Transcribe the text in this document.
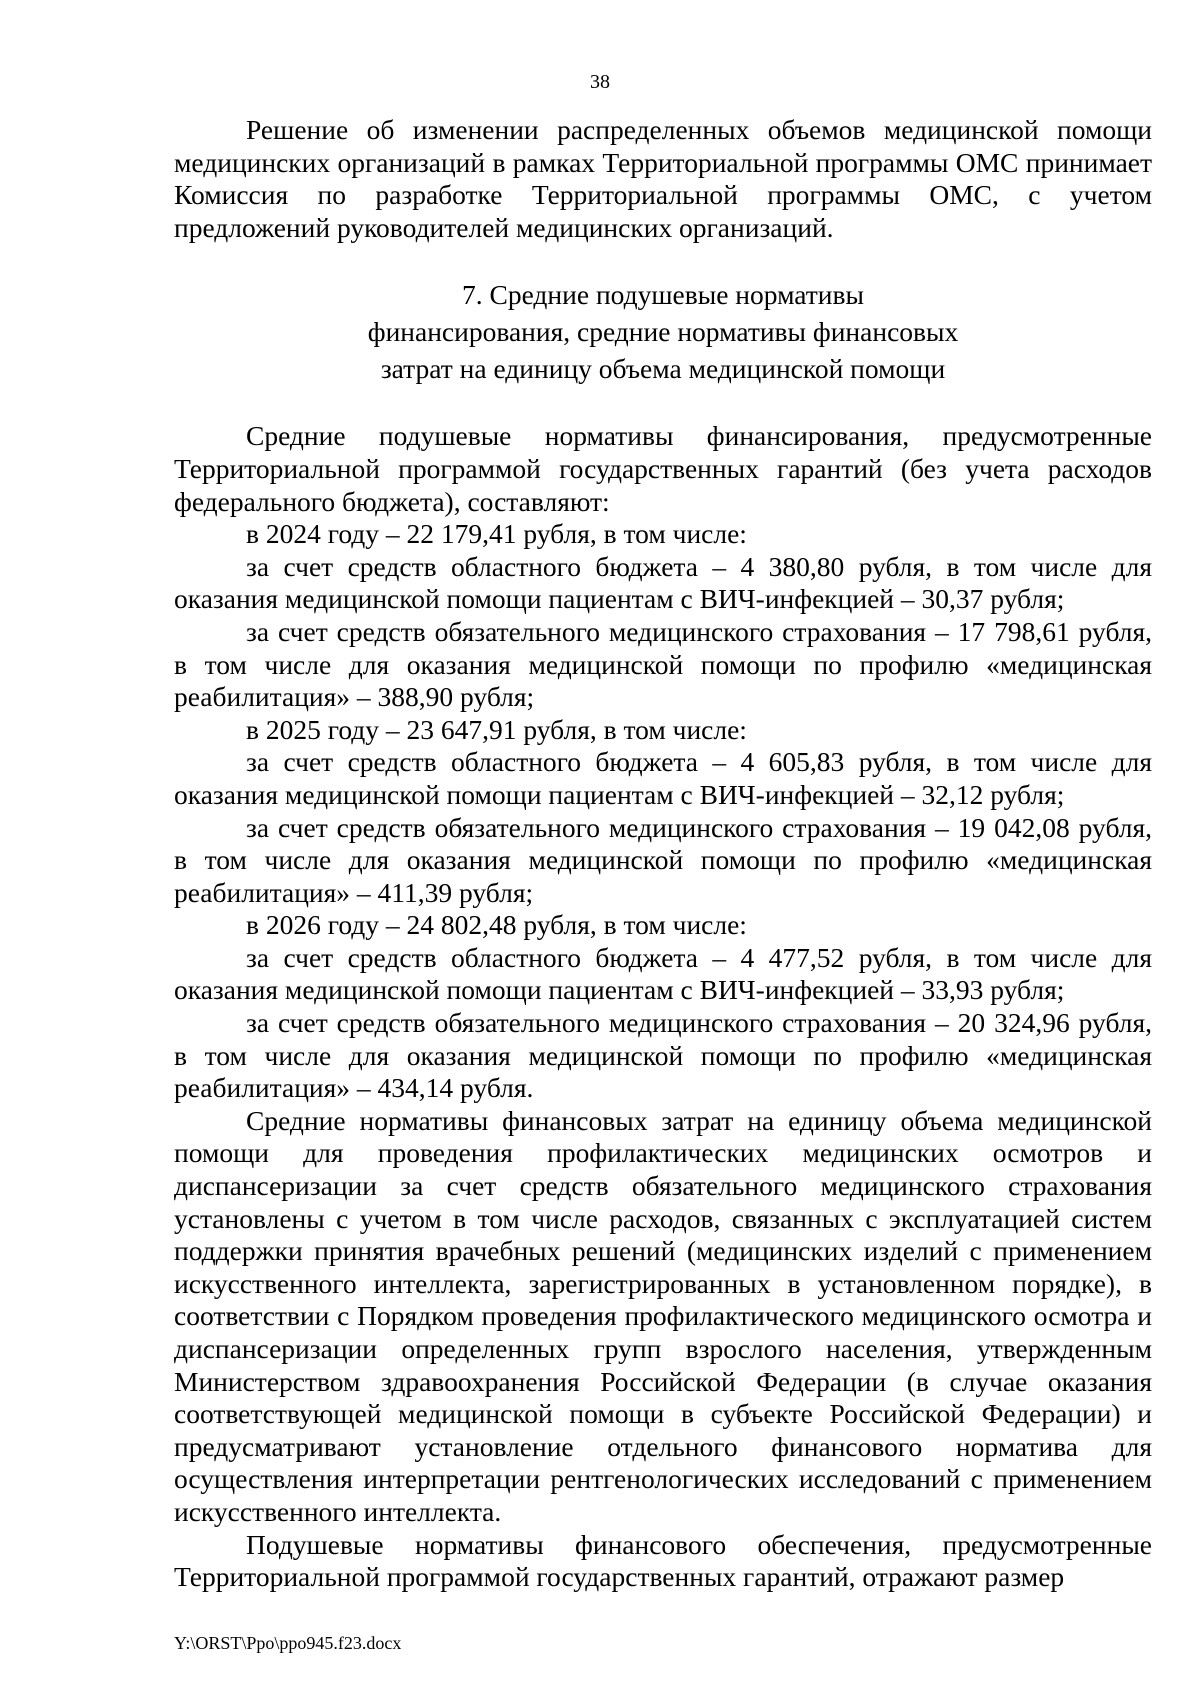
38

Решение об изменении распределенных объемов медицинской помощи медицинских организаций в рамках Территориальной программы ОМС принимает Комиссия по разработке Территориальной программы ОМС, с учетом предложений руководителей медицинских организаций.

7. Средние подушевые нормативы
финансирования, средние нормативы финансовых
затрат на единицу объема медицинской помощи

Средние подушевые нормативы финансирования, предусмотренные Территориальной программой государственных гарантий (без учета расходов федерального бюджета), составляют:

в 2024 году – 22 179,41 рубля, в том числе:

за счет средств областного бюджета – 4 380,80 рубля, в том числе для оказания медицинской помощи пациентам с ВИЧ-инфекцией – 30,37 рубля;

за счет средств обязательного медицинского страхования – 17 798,61 рубля, в том числе для оказания медицинской помощи по профилю «медицинская реабилитация» – 388,90 рубля;

в 2025 году – 23 647,91 рубля, в том числе:

за счет средств областного бюджета – 4 605,83 рубля, в том числе для оказания медицинской помощи пациентам с ВИЧ-инфекцией – 32,12 рубля;

за счет средств обязательного медицинского страхования – 19 042,08 рубля, в том числе для оказания медицинской помощи по профилю «медицинская реабилитация» – 411,39 рубля;

в 2026 году – 24 802,48 рубля, в том числе:

за счет средств областного бюджета – 4 477,52 рубля, в том числе для оказания медицинской помощи пациентам с ВИЧ-инфекцией – 33,93 рубля;

за счет средств обязательного медицинского страхования – 20 324,96 рубля, в том числе для оказания медицинской помощи по профилю «медицинская реабилитация» – 434,14 рубля.

Средние нормативы финансовых затрат на единицу объема медицинской помощи для проведения профилактических медицинских осмотров и диспансеризации за счет средств обязательного медицинского страхования установлены с учетом в том числе расходов, связанных с эксплуатацией систем поддержки принятия врачебных решений (медицинских изделий с применением искусственного интеллекта, зарегистрированных в установленном порядке), в соответствии с Порядком проведения профилактического медицинского осмотра и диспансеризации определенных групп взрослого населения, утвержденным Министерством здравоохранения Российской Федерации (в случае оказания соответствующей медицинской помощи в субъекте Российской Федерации) и предусматривают установление отдельного финансового норматива для осуществления интерпретации рентгенологических исследований с применением искусственного интеллекта.

Подушевые нормативы финансового обеспечения, предусмотренные Территориальной программой государственных гарантий, отражают размер

Y:\ORST\Ppo\ppo945.f23.docx
